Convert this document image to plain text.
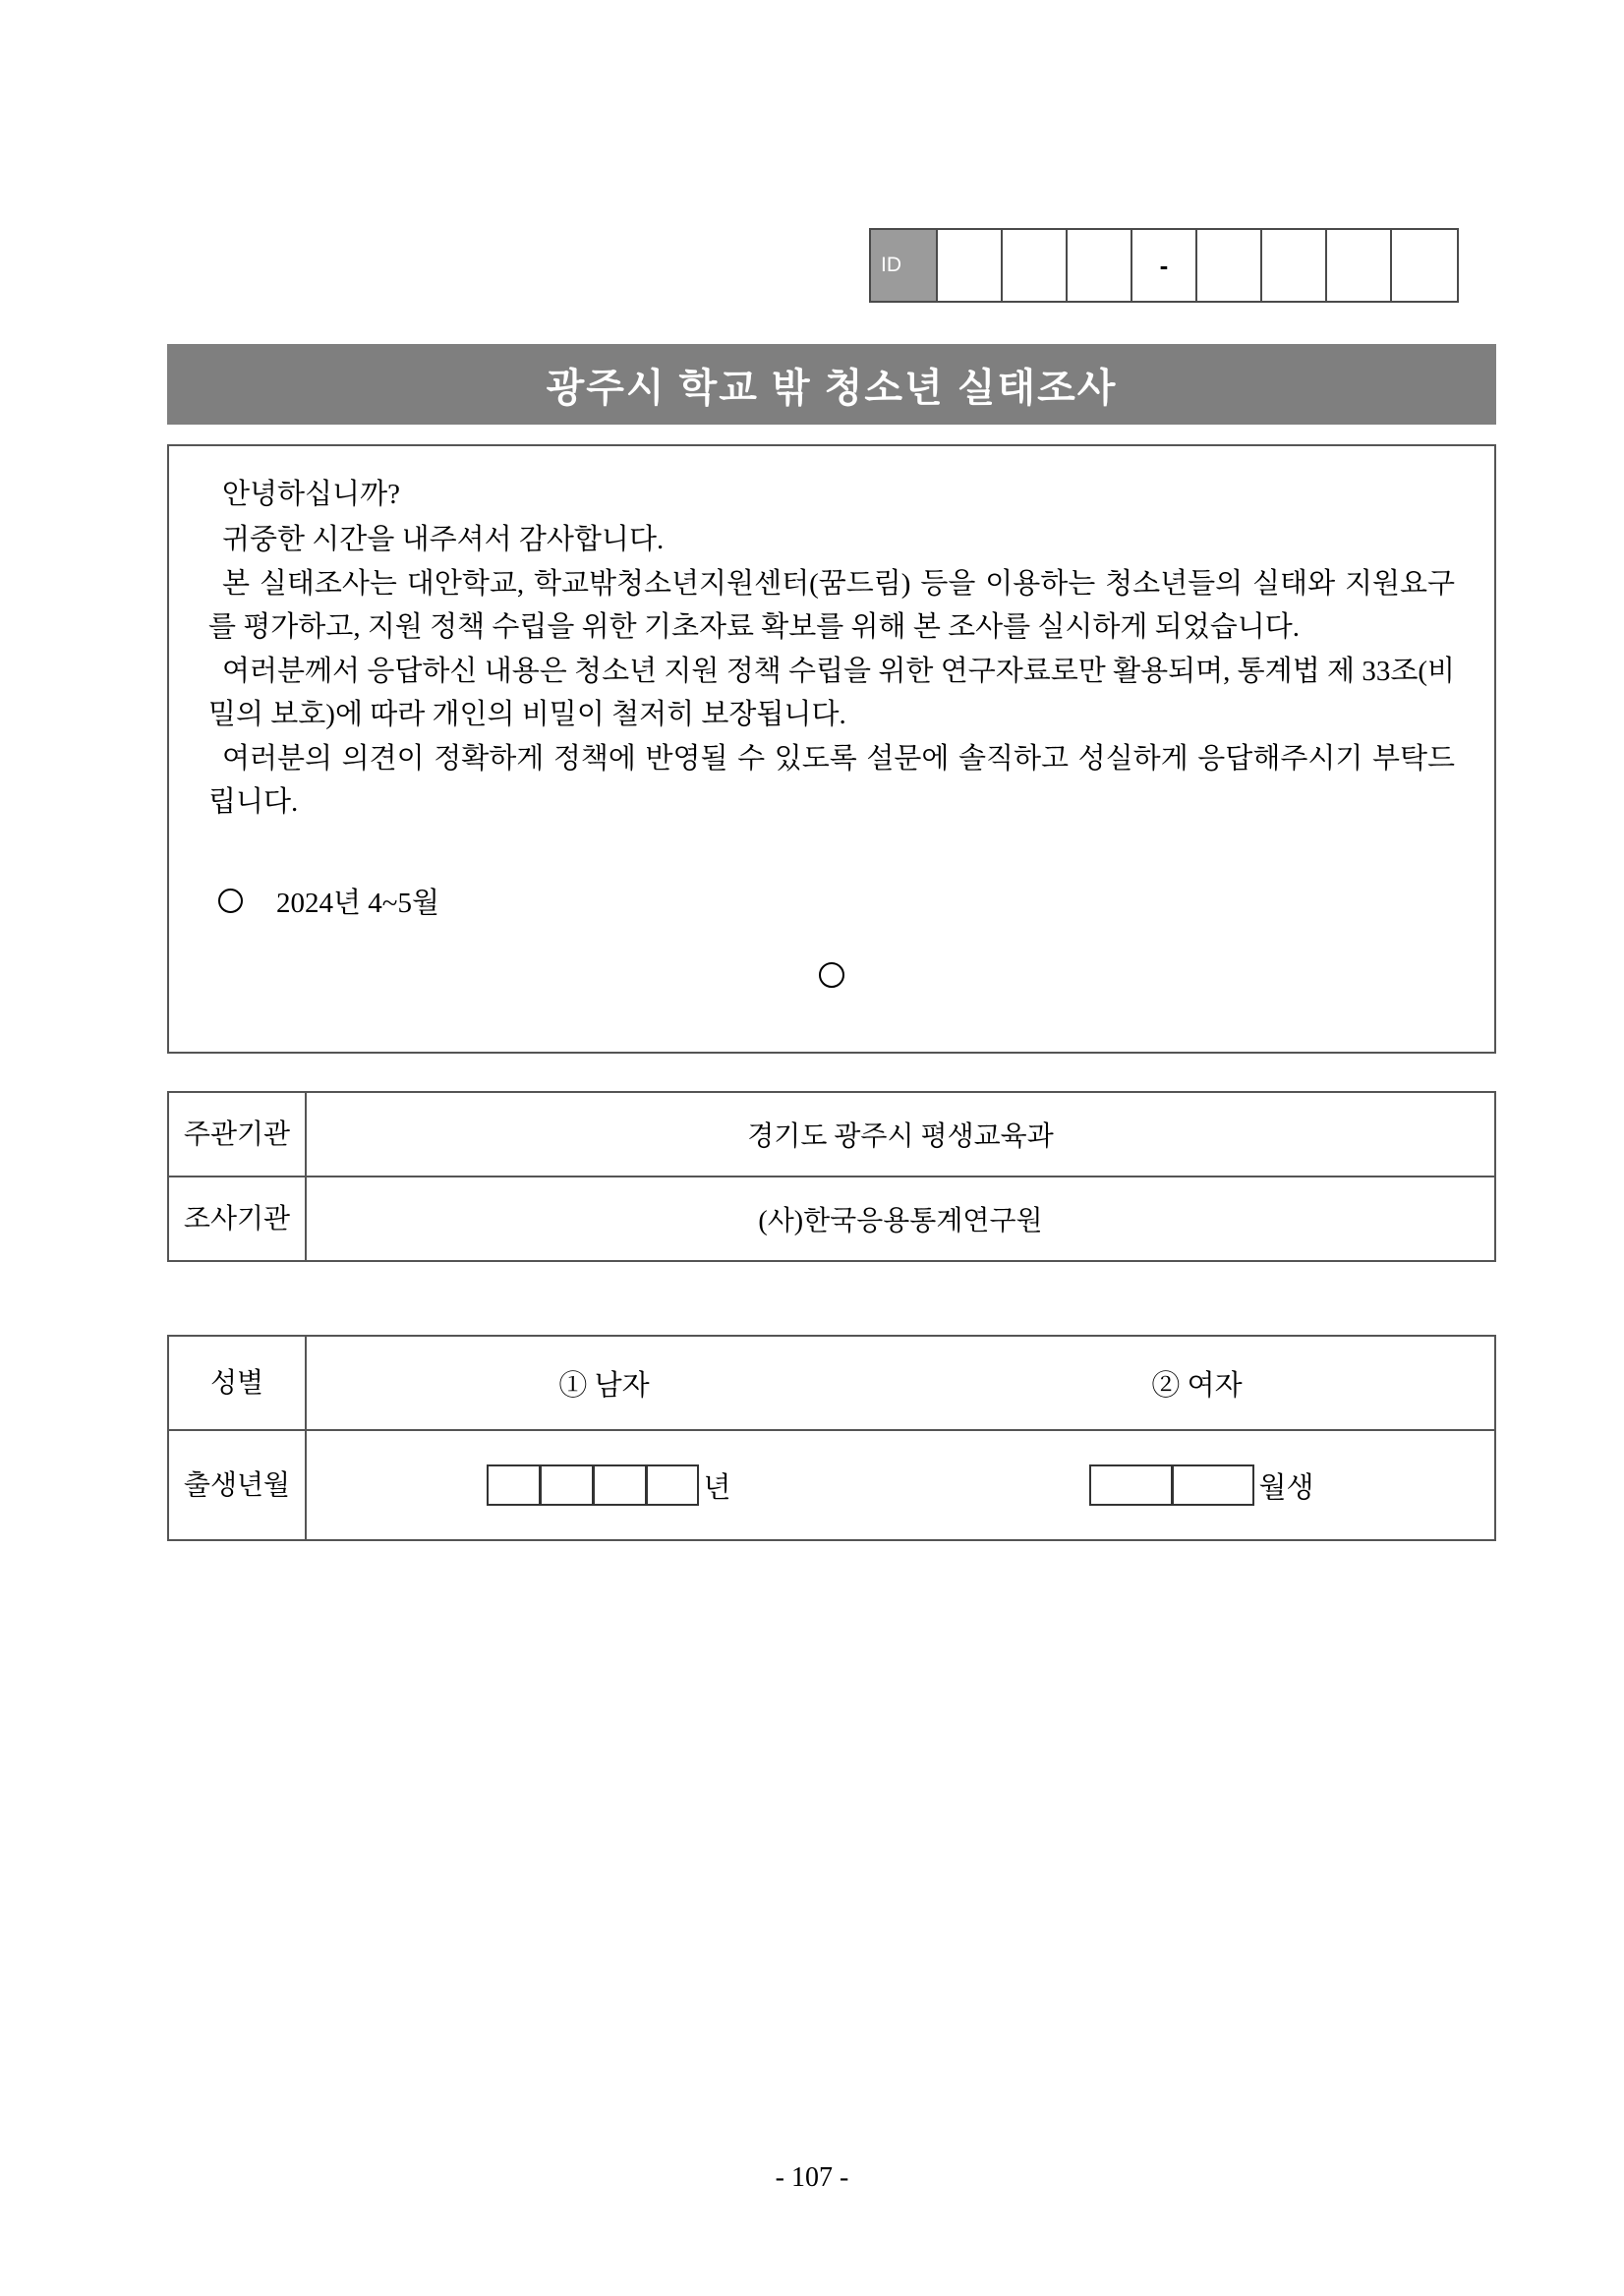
ID	-
광주시 학교 밖 청소년 실태조사

안녕하십니까?

귀중한 시간을 내주셔서 감사합니다.

본 실태조사는 대안학교, 학교밖청소년지원센터(꿈드림) 등을 이용하는 청소년들의 실태와 지원요구를 평가하고, 지원 정책 수립을 위한 기초자료 확보를 위해 본 조사를 실시하게 되었습니다.

여러분께서 응답하신 내용은 청소년 지원 정책 수립을 위한 연구자료로만 활용되며, 통계법 제 33조(비밀의 보호)에 따라 개인의 비밀이 철저히 보장됩니다.

여러분의 의견이 정확하게 정책에 반영될 수 있도록 설문에 솔직하고 성실하게 응답해주시기 부탁드립니다.

2024년 4~5월
주관기관	경기도 광주시 평생교육과
조사기관	(사)한국응용통계연구원
성별	① 남자 ② 여자

출생년월	년 월생
- 107 -
